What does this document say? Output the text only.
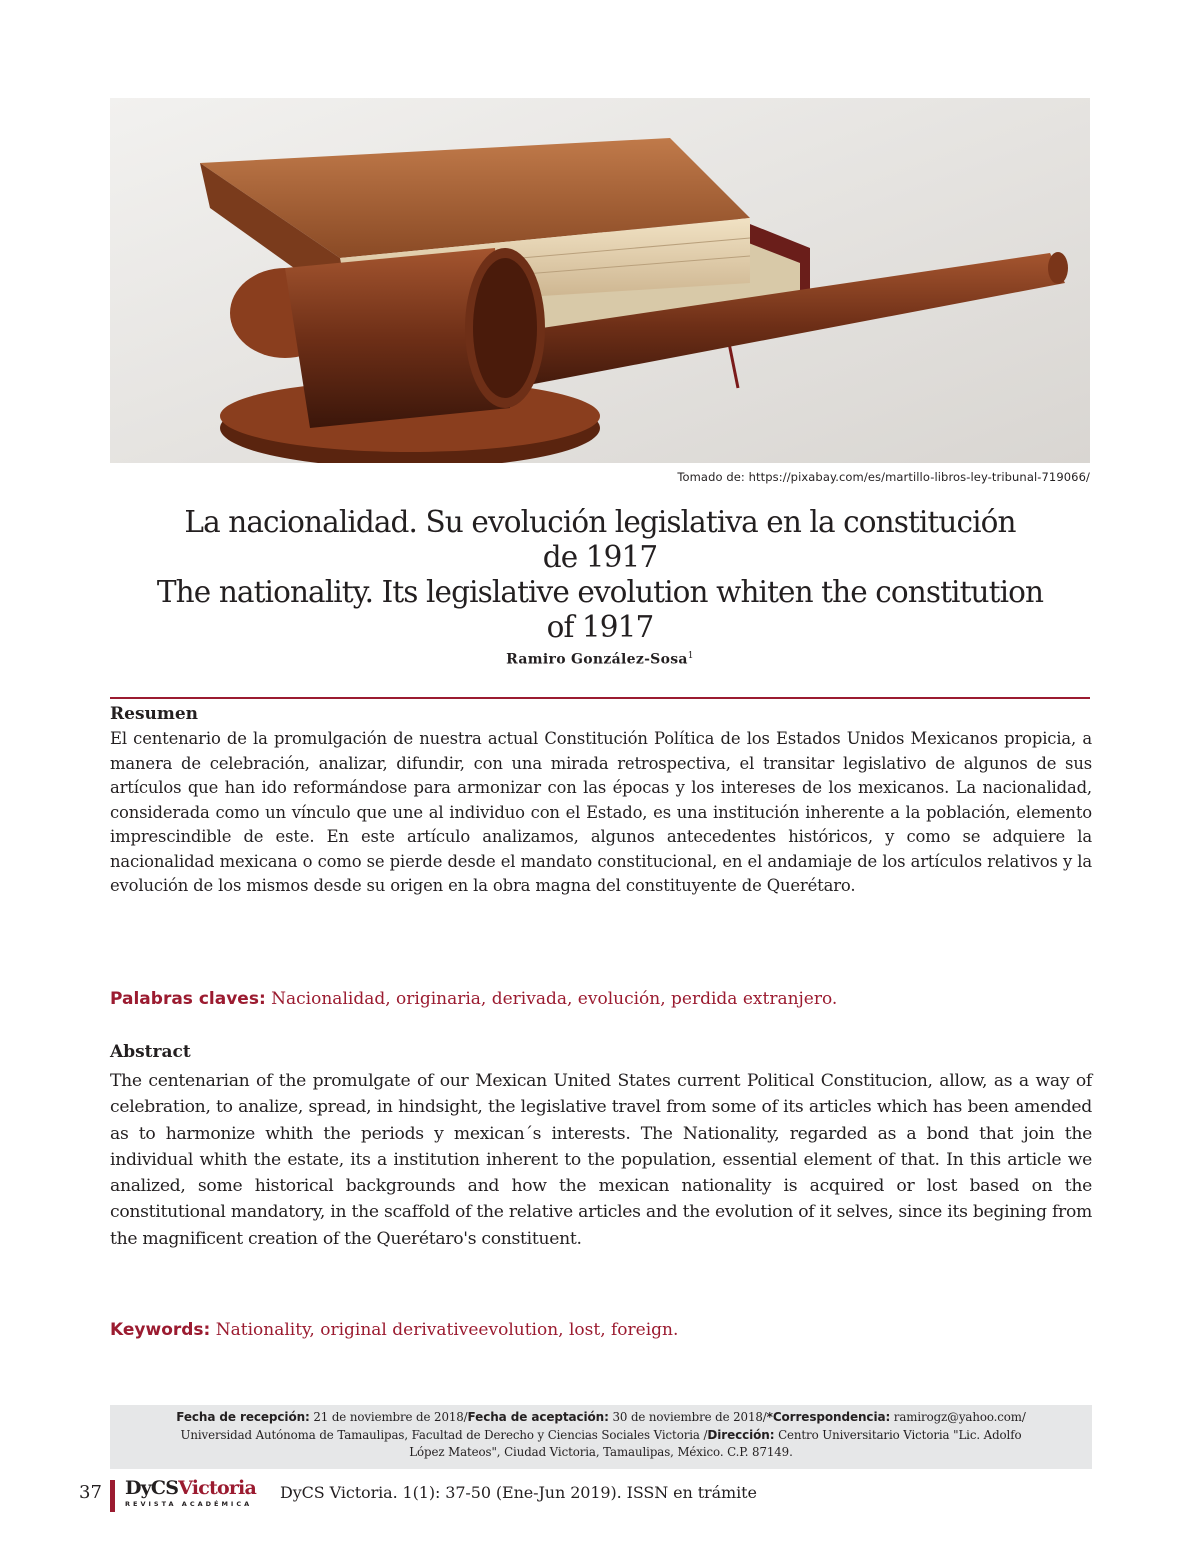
Tomado de: https://pixabay.com/es/martillo-libros-ley-tribunal-719066/

La nacionalidad. Su evolución legislativa en la constitución

de 1917

The nationality. Its legislative evolution whiten the constitution

of 1917

Ramiro González-Sosa$^1$
Resumen

El centenario de la promulgación de nuestra actual Constitución Política de los Estados Unidos Mexicanos propicia, a manera de celebración, analizar, difundir, con una mirada retrospectiva, el transitar legislativo de algunos de sus artículos que han ido reformándose para armonizar con las épocas y los intereses de los mexicanos. La nacionalidad, considerada como un vínculo que une al individuo con el Estado, es una institución inherente a la población, elemento imprescindible de este. En este artículo analizamos, algunos antecedentes históricos, y como se adquiere la nacionalidad mexicana o como se pierde desde el mandato constitucional, en el andamiaje de los artículos relativos y la evolución de los mismos desde su origen en la obra magna del constituyente de Querétaro.

Palabras claves: Nacionalidad, originaria, derivada, evolución, perdida extranjero.

Abstract

The centenarian of the promulgate of our Mexican United States current Political Constitucion, allow, as a way of celebration, to analize, spread, in hindsight, the legislative travel from some of its articles which has been amended as to harmonize whith the periods y mexican´s interests. The Nationality, regarded as a bond that join the individual whith the estate, its a institution inherent to the population, essential element of that. In this article we analized, some historical backgrounds and how the mexican nationality is acquired or lost based on the constitutional mandatory, in the scaffold of the relative articles and the evolution of it selves, since its begining from the magnificent creation of the Querétaro's constituent.

Keywords: Nationality, original derivativeevolution, lost, foreign.

Fecha de recepción: 21 de noviembre de 2018/Fecha de aceptación: 30 de noviembre de 2018/*Correspondencia: ramirogz@yahoo.com/
Universidad Autónoma de Tamaulipas, Facultad de Derecho y Ciencias Sociales Victoria /Dirección: Centro Universitario Victoria "Lic. Adolfo
López Mateos", Ciudad Victoria, Tamaulipas, México. C.P. 87149.
37 DyCSVictoria
REVISTA ACADÉMICA
DyCS Victoria. 1(1): 37-50 (Ene-Jun 2019). ISSN en trámite
